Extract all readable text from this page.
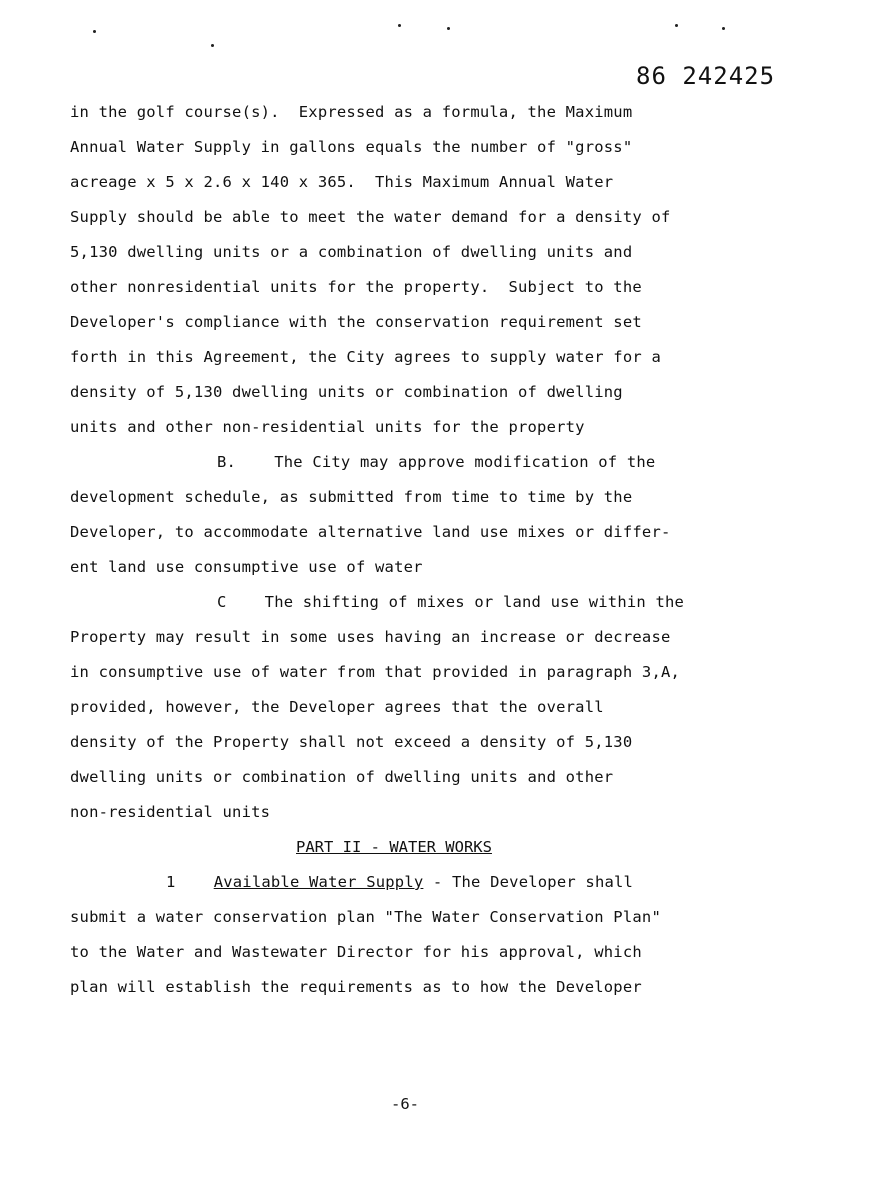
86 242425
in the golf course(s).  Expressed as a formula, the Maximum
Annual Water Supply in gallons equals the number of "gross"
acreage x 5 x 2.6 x 140 x 365.  This Maximum Annual Water
Supply should be able to meet the water demand for a density of
5,130 dwelling units or a combination of dwelling units and
other nonresidential units for the property.  Subject to the
Developer's compliance with the conservation requirement set
forth in this Agreement, the City agrees to supply water for a
density of 5,130 dwelling units or combination of dwelling
units and other non-residential units for the property
B.    The City may approve modification of the
development schedule, as submitted from time to time by the
Developer, to accommodate alternative land use mixes or differ-
ent land use consumptive use of water
C    The shifting of mixes or land use within the
Property may result in some uses having an increase or decrease
in consumptive use of water from that provided in paragraph 3,A,
provided, however, the Developer agrees that the overall
density of the Property shall not exceed a density of 5,130
dwelling units or combination of dwelling units and other
non-residential units
PART II - WATER WORKS
1 Available Water Supply - The Developer shall
submit a water conservation plan "The Water Conservation Plan"
to the Water and Wastewater Director for his approval, which
plan will establish the requirements as to how the Developer
-6-
